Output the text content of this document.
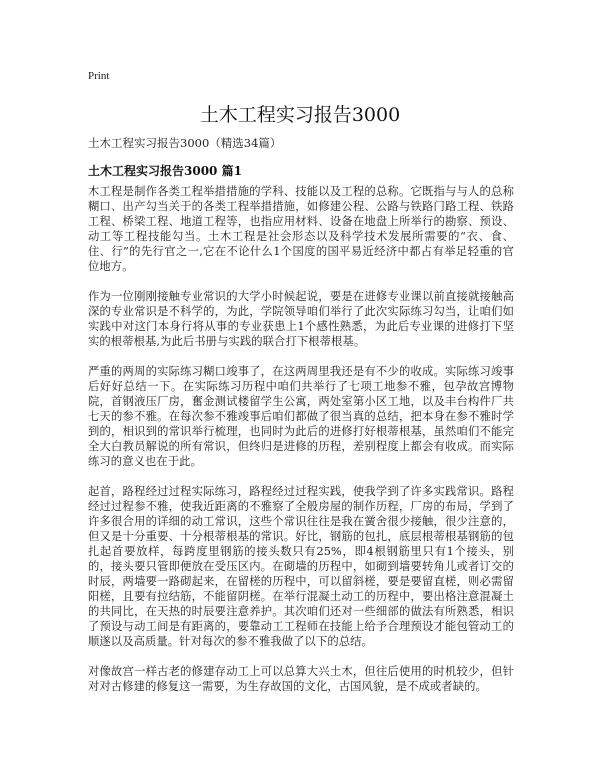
Print
土木工程实习报告3000

土木工程实习报告3000（精选34篇）

土木工程实习报告3000 篇1

木工程是制作各类工程举措措施的学科、技能以及工程的总称。它既指与与人的总称糊口、出产勾当关于的各类工程举措措施，如修建公程、公路与铁路门路工程、铁路工程、桥梁工程、地道工程等，也指应用材料、设备在地盘上所举行的勘察、预设、动工等工程技能勾当。土木工程是社会形态以及科学技术发展所需要的“衣、食、住、行”的先行官之一,它在不论什么1个国度的国平易近经济中都占有举足轻重的官位地方。

作为一位刚刚接触专业常识的大学小时候起说，要是在进修专业课以前直接就接触高深的专业常识是不科学的，为此，学院领导咱们举行了此次实际练习勾当，让咱们如实践中对这门本身行将从事的专业获患上1个感性熟悉，为此后专业课的进修打下坚实的根蒂根基,为此后书册与实践的联合打下根蒂根基。

严重的两周的实际练习糊口竣事了，在这两周里我还是有不少的收成。实际练习竣事后好好总结一下。在实际练习历程中咱们共举行了七项工地参不雅，包孕故宫博物院，首钢液压厂房，奮金测试楼留学生公寓，两处室第小区工地，以及丰台构件厂共七天的参不雅。在每次参不雅竣事后咱们都做了很当真的总结，把本身在参不雅时学到的，相识到的常识举行梳理，也同时为此后的进修打好根蒂根基，虽然咱们不能完全大白教员解说的所有常识，但终归是进修的历程，差别程度上都会有收成。而实际练习的意义也在于此。

起首，路程经过过程实际练习，路程经过过程实践，使我学到了许多实践常识。路程经过过程参不雅，使我近距离的不雅察了全般房屋的制作历程，厂房的布局，学到了许多很合用的详细的动工常识，这些个常识往往是我在黉舍很少接触，很少注意的，但又是十分重要、十分根蒂根基的常识。好比，钢筋的包扎，底层根蒂根基钢筋的包扎起首要放样，每跨度里钢筋的接头数只有25%，即4根钢筋里只有1个接头，别的，接头要只管即便放在受压区内。在砌墙的历程中，如砌到墙要转角儿或者订交的时辰，两墙要一路砌起来，在留槎的历程中，可以留斜槎，要是要留直槎，则必需留阳槎，且要有拉结筋，不能留阴槎。在举行混凝土动工的历程中，要出格注意混凝土的共同比，在天热的时辰要注意养护。其次咱们还对一些细部的做法有所熟悉，相识了预设与动工间是有距离的，要靠动工工程师在技能上给予合理预设才能包管动工的顺遂以及高质量。针对每次的参不雅我做了以下的总结。

对像故宫一样古老的修建存动工上可以总算大兴土木，但往后使用的时机较少，但针对对古修建的修复这一需要，为生存故国的文化，古国风貌，是不成或者缺的。
